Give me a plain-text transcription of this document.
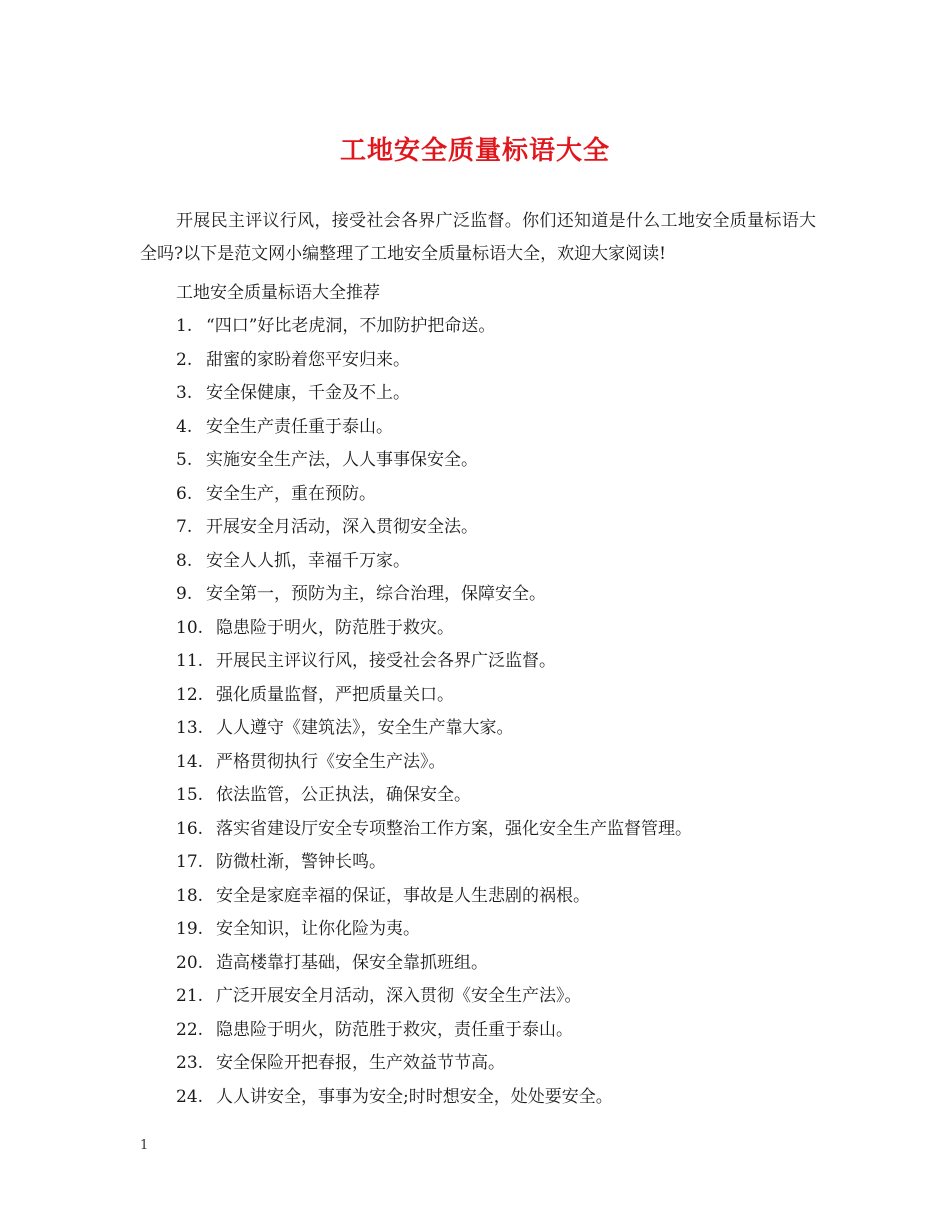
工地安全质量标语大全
开展民主评议行风，接受社会各界广泛监督。你们还知道是什么工地安全质量标语大全吗?以下是范文网小编整理了工地安全质量标语大全，欢迎大家阅读!
工地安全质量标语大全推荐
1. “四口”好比老虎洞，不加防护把命送。
2. 甜蜜的家盼着您平安归来。
3. 安全保健康，千金及不上。
4. 安全生产责任重于泰山。
5. 实施安全生产法，人人事事保安全。
6. 安全生产，重在预防。
7. 开展安全月活动，深入贯彻安全法。
8. 安全人人抓，幸福千万家。
9. 安全第一，预防为主，综合治理，保障安全。
10. 隐患险于明火，防范胜于救灾。
11. 开展民主评议行风，接受社会各界广泛监督。
12. 强化质量监督，严把质量关口。
13. 人人遵守《建筑法》，安全生产靠大家。
14. 严格贯彻执行《安全生产法》。
15. 依法监管，公正执法，确保安全。
16. 落实省建设厅安全专项整治工作方案，强化安全生产监督管理。
17. 防微杜渐，警钟长鸣。
18. 安全是家庭幸福的保证，事故是人生悲剧的祸根。
19. 安全知识，让你化险为夷。
20. 造高楼靠打基础，保安全靠抓班组。
21. 广泛开展安全月活动，深入贯彻《安全生产法》。
22. 隐患险于明火，防范胜于救灾，责任重于泰山。
23. 安全保险开把春报，生产效益节节高。
24. 人人讲安全，事事为安全;时时想安全，处处要安全。
1
